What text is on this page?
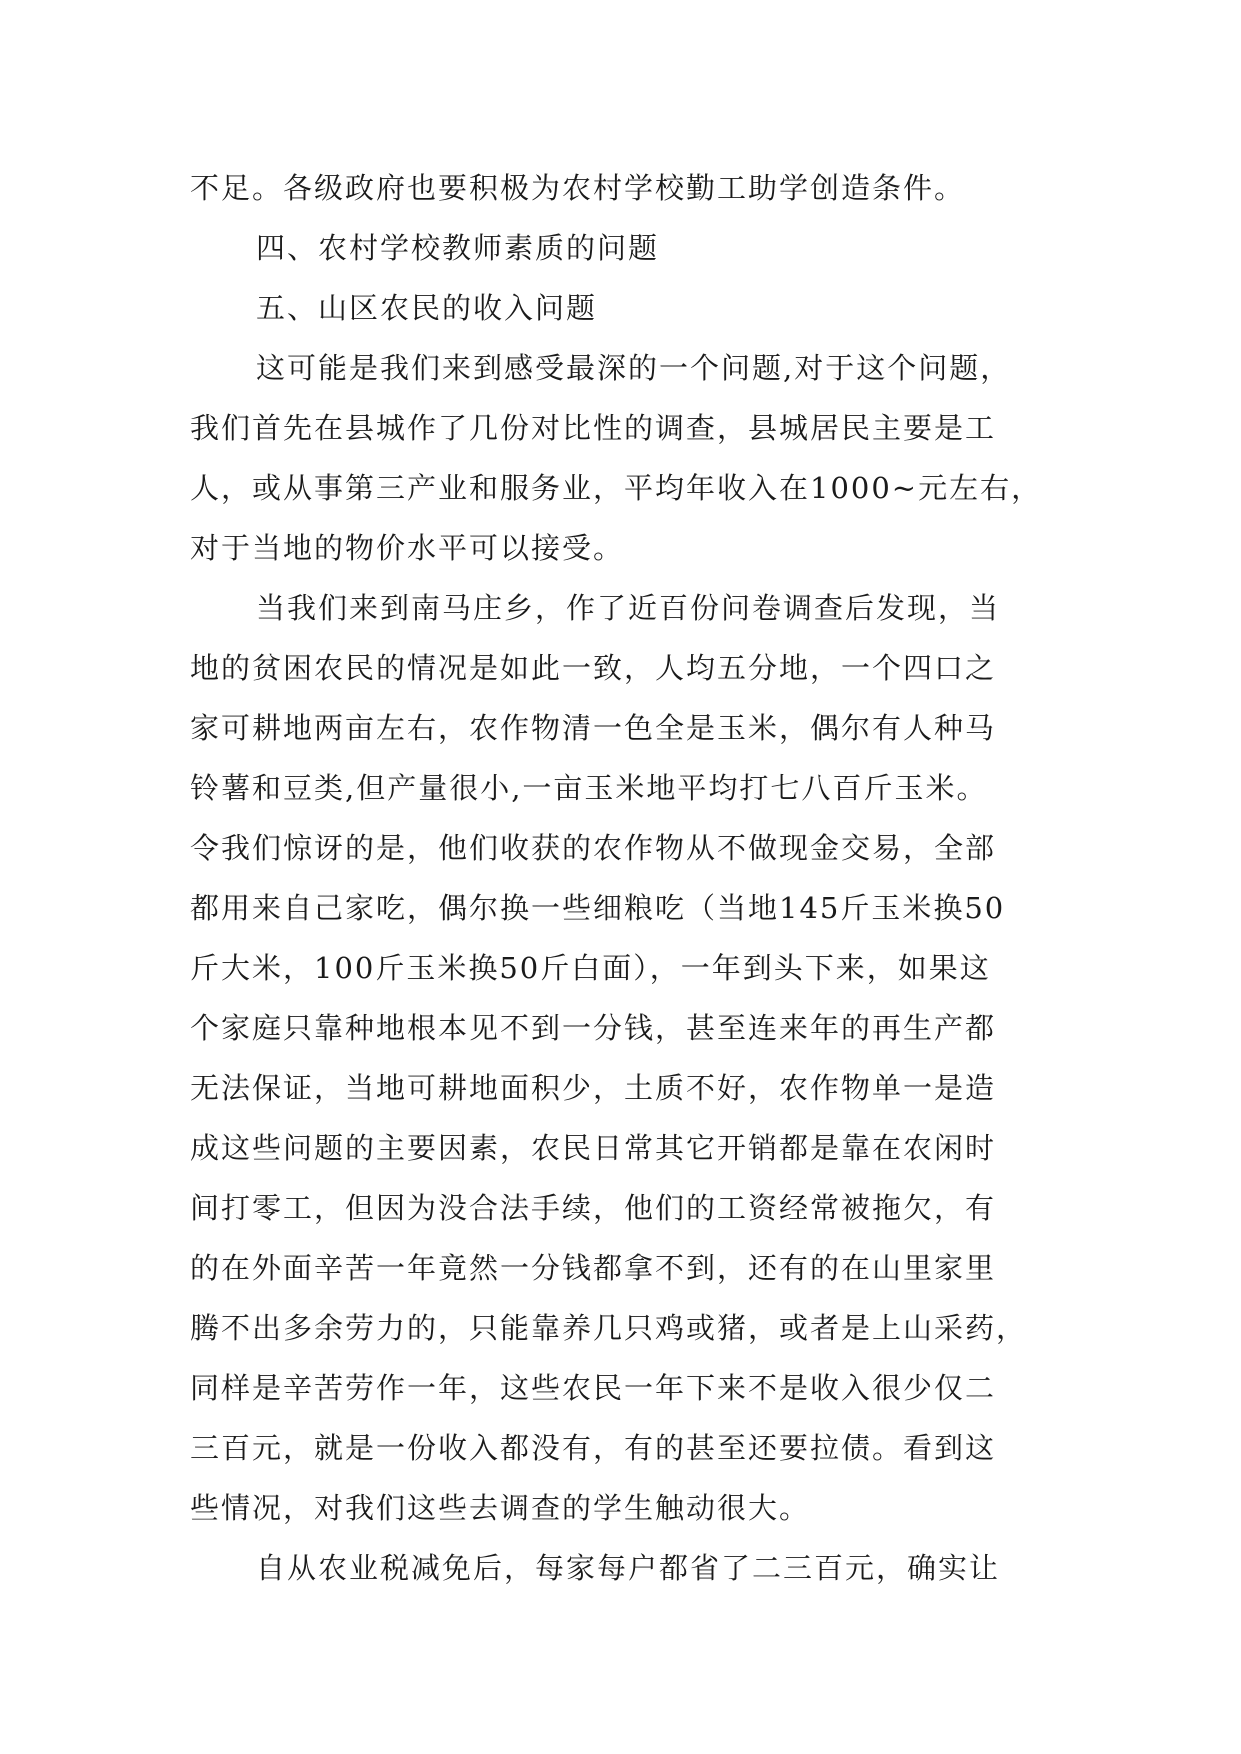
不足。各级政府也要积极为农村学校勤工助学创造条件。
四、农村学校教师素质的问题
五、山区农民的收入问题
这可能是我们来到感受最深的一个问题,对于这个问题，
我们首先在县城作了几份对比性的调查，县城居民主要是工
人，或从事第三产业和服务业，平均年收入在1000~元左右，
对于当地的物价水平可以接受。
当我们来到南马庄乡，作了近百份问卷调查后发现，当
地的贫困农民的情况是如此一致，人均五分地，一个四口之
家可耕地两亩左右，农作物清一色全是玉米，偶尔有人种马
铃薯和豆类,但产量很小,一亩玉米地平均打七八百斤玉米。
令我们惊讶的是，他们收获的农作物从不做现金交易，全部
都用来自己家吃，偶尔换一些细粮吃（当地145斤玉米换50
斤大米，100斤玉米换50斤白面），一年到头下来，如果这
个家庭只靠种地根本见不到一分钱，甚至连来年的再生产都
无法保证，当地可耕地面积少，土质不好，农作物单一是造
成这些问题的主要因素，农民日常其它开销都是靠在农闲时
间打零工，但因为没合法手续，他们的工资经常被拖欠，有
的在外面辛苦一年竟然一分钱都拿不到，还有的在山里家里
腾不出多余劳力的，只能靠养几只鸡或猪，或者是上山采药，
同样是辛苦劳作一年，这些农民一年下来不是收入很少仅二
三百元，就是一份收入都没有，有的甚至还要拉债。看到这
些情况，对我们这些去调查的学生触动很大。
自从农业税减免后，每家每户都省了二三百元，确实让
